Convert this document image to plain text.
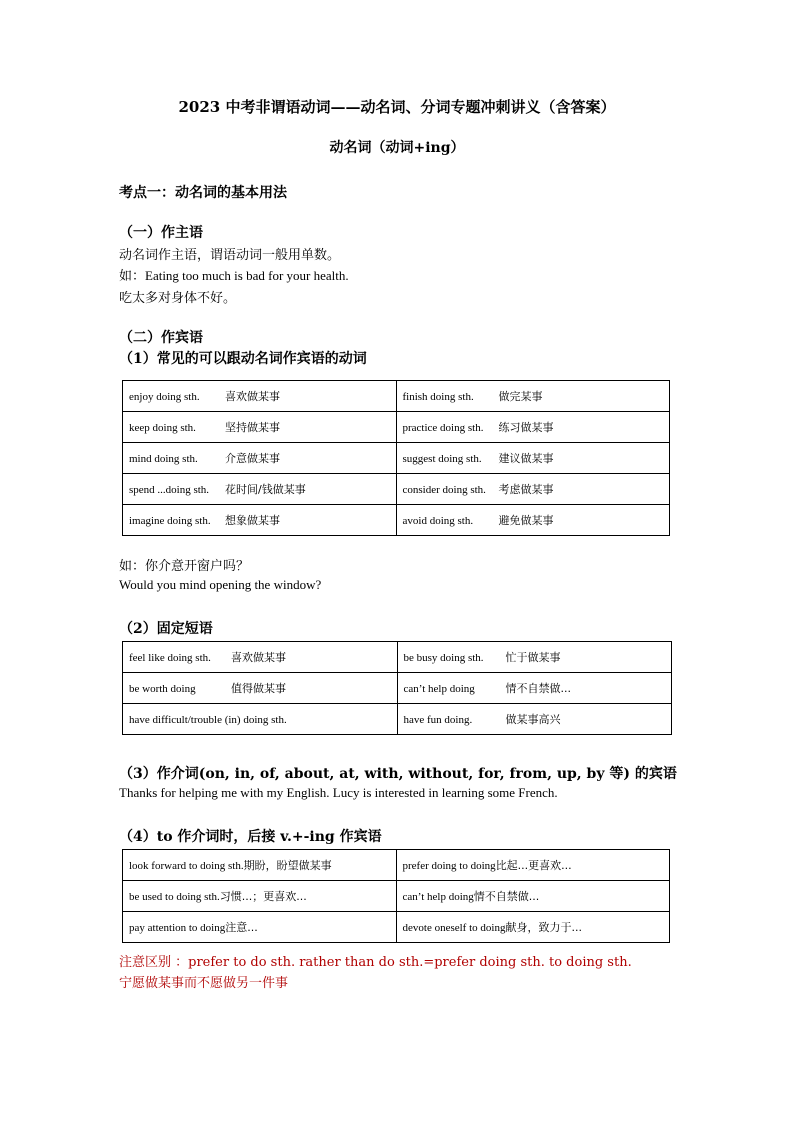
2023 中考非谓语动词——动名词、分词专题冲刺讲义（含答案）
动名词（动词+ing）
考点一：动名词的基本用法
（一）作主语
动名词作主语，谓语动词一般用单数。
如：Eating too much is bad for your health.
吃太多对身体不好。
（二）作宾语
（1）常见的可以跟动名词作宾语的动词
enjoy doing sth. 喜欢做某事	finish doing sth. 做完某事
keep doing sth. 坚持做某事	practice doing sth. 练习做某事
mind doing sth. 介意做某事	suggest doing sth. 建议做某事
spend ...doing sth. 花时间/钱做某事	consider doing sth. 考虑做某事
imagine doing sth. 想象做某事	avoid doing sth. 避免做某事
如：你介意开窗户吗？
Would you mind opening the window?
（2）固定短语
feel like doing sth. 喜欢做某事	be busy doing sth. 忙于做某事
be worth doing 值得做某事	can’t help doing 情不自禁做...
have difficult/trouble (in) doing sth.	have fun doing. 做某事高兴
（3）作介词(on, in, of, about, at, with, without, for, from, up, by 等) 的宾语
Thanks for helping me with my English. Lucy is interested in learning some French.
（4）to 作介词时，后接 v.+-ing 作宾语
look forward to doing sth.期盼，盼望做某事	prefer doing to doing比起...更喜欢...
be used to doing sth.习惯...；更喜欢...	can’t help doing情不自禁做...
pay attention to doing注意...	devote oneself to doing献身，致力于...
注意区别 ：prefer to do sth. rather than do sth.=prefer doing sth. to doing sth.
宁愿做某事而不愿做另一件事
